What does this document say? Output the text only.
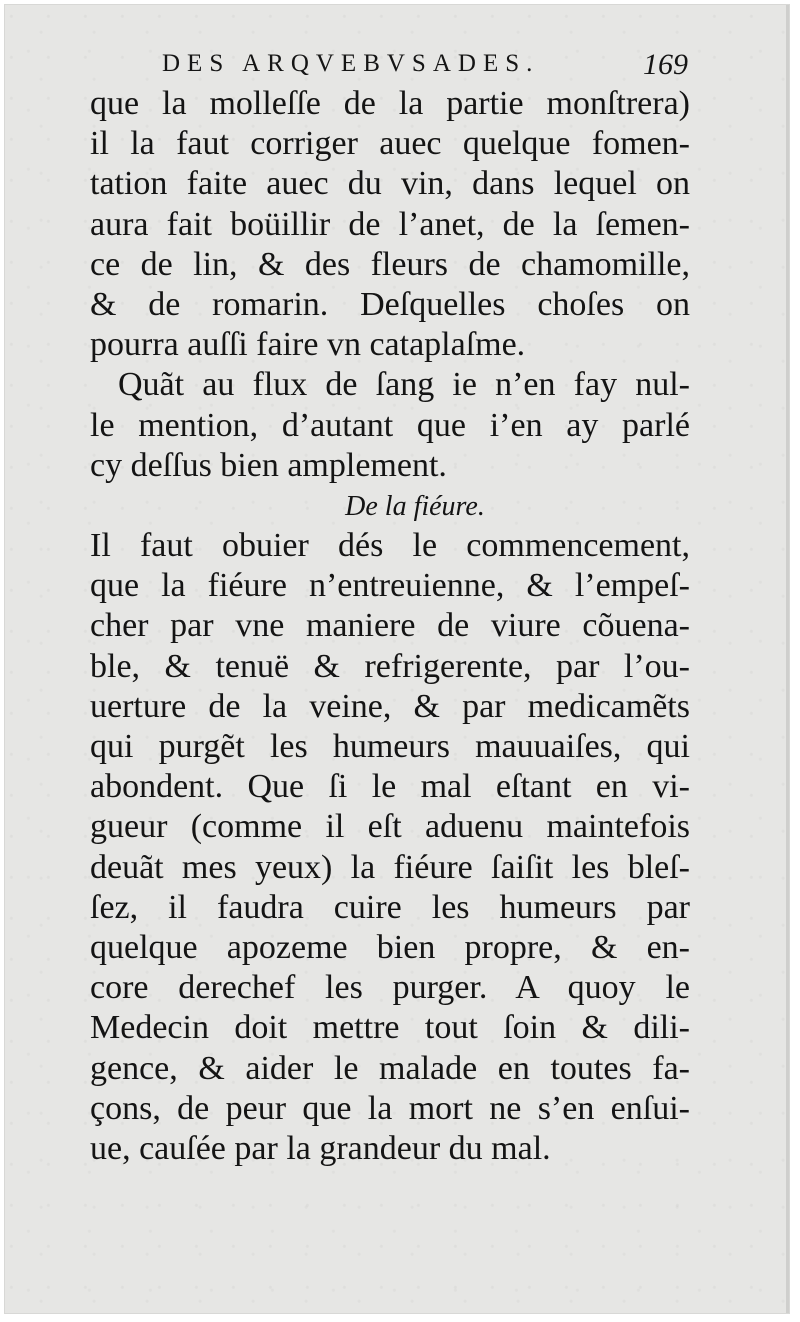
DES ARQVEBVSADES.	169
que la molleſſe de la partie monſtrera)
il la faut corriger auec quelque fomen-
tation faite auec du vin, dans lequel on
aura fait boüillir de l’anet, de la ſemen-
ce de lin, & des fleurs de chamomille,
& de romarin. Deſquelles choſes on
pourra auſſi faire vn cataplaſme.
Quãt au flux de ſang ie n’en fay nul-
le mention, d’autant que i’en ay parlé
cy deſſus bien amplement.
De la fiéure.
Il faut obuier dés le commencement,
que la fiéure n’entreuienne, & l’empeſ-
cher par vne maniere de viure cõuena-
ble, & tenuë & refrigerente, par l’ou-
uerture de la veine, & par medicamẽts
qui purgẽt les humeurs mauuaiſes, qui
abondent. Que ſi le mal eſtant en vi-
gueur (comme il eſt aduenu maintefois
deuãt mes yeux) la fiéure ſaiſit les bleſ-
ſez, il faudra cuire les humeurs par
quelque apozeme bien propre, & en-
core derechef les purger. A quoy le
Medecin doit mettre tout ſoin & dili-
gence, & aider le malade en toutes fa-
çons, de peur que la mort ne s’en enſui-
ue, cauſée par la grandeur du mal.
